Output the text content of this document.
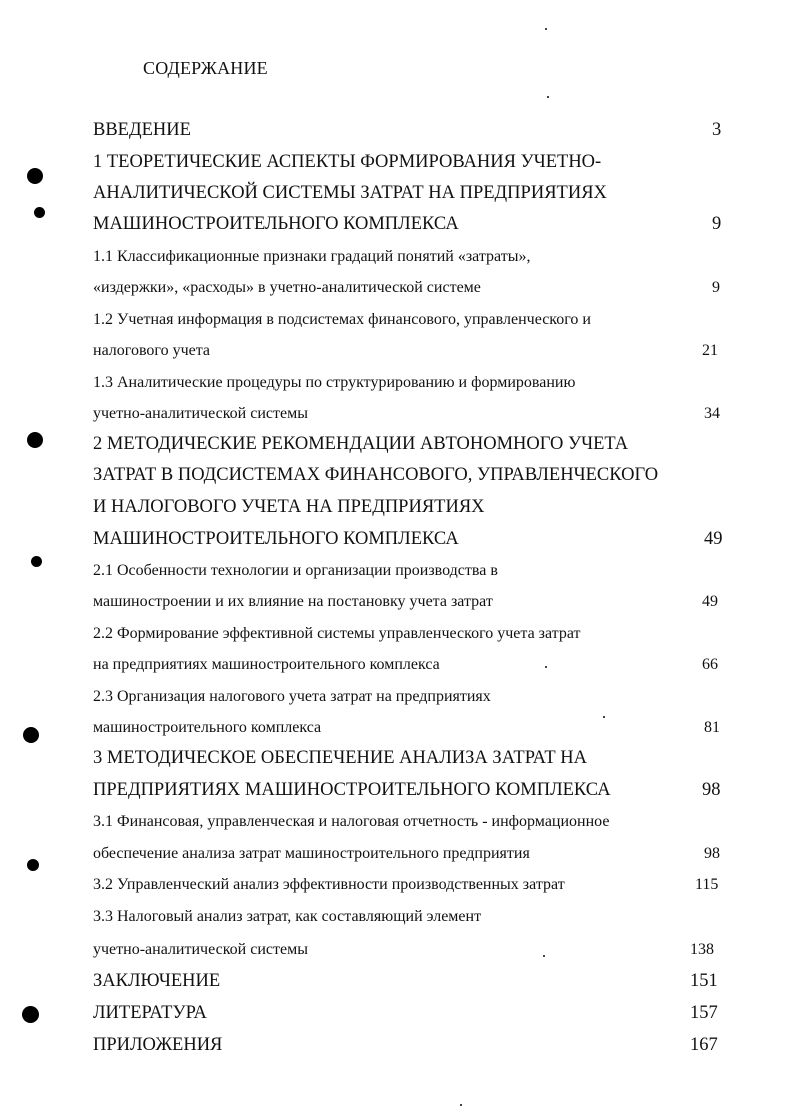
СОДЕРЖАНИЕ
ВВЕДЕНИЕ	3
1 ТЕОРЕТИЧЕСКИЕ АСПЕКТЫ ФОРМИРОВАНИЯ УЧЕТНО-
АНАЛИТИЧЕСКОЙ СИСТЕМЫ ЗАТРАТ НА ПРЕДПРИЯТИЯХ
МАШИНОСТРОИТЕЛЬНОГО КОМПЛЕКСА	9
1.1 Классификационные признаки градаций понятий «затраты»,
«издержки», «расходы» в учетно-аналитической системе	9
1.2 Учетная информация в подсистемах финансового, управленческого и
налогового учета	21
1.3 Аналитические процедуры по структурированию и формированию
учетно-аналитической системы	34
2 МЕТОДИЧЕСКИЕ РЕКОМЕНДАЦИИ АВТОНОМНОГО УЧЕТА
ЗАТРАТ В ПОДСИСТЕМАХ ФИНАНСОВОГО, УПРАВЛЕНЧЕСКОГО
И НАЛОГОВОГО УЧЕТА НА ПРЕДПРИЯТИЯХ
МАШИНОСТРОИТЕЛЬНОГО КОМПЛЕКСА	49
2.1 Особенности технологии и организации производства в
машиностроении и их влияние на постановку учета затрат	49
2.2 Формирование эффективной системы управленческого учета затрат
на предприятиях машиностроительного комплекса	66
2.3 Организация налогового учета затрат на предприятиях
машиностроительного комплекса	81
3 МЕТОДИЧЕСКОЕ ОБЕСПЕЧЕНИЕ АНАЛИЗА ЗАТРАТ НА
ПРЕДПРИЯТИЯХ МАШИНОСТРОИТЕЛЬНОГО КОМПЛЕКСА	98
3.1 Финансовая, управленческая и налоговая отчетность - информационное
обеспечение анализа затрат машиностроительного предприятия	98
3.2 Управленческий анализ эффективности производственных затрат	115
3.3 Налоговый анализ затрат, как составляющий элемент
учетно-аналитической системы	138
ЗАКЛЮЧЕНИЕ	151
ЛИТЕРАТУРА	157
ПРИЛОЖЕНИЯ	167
